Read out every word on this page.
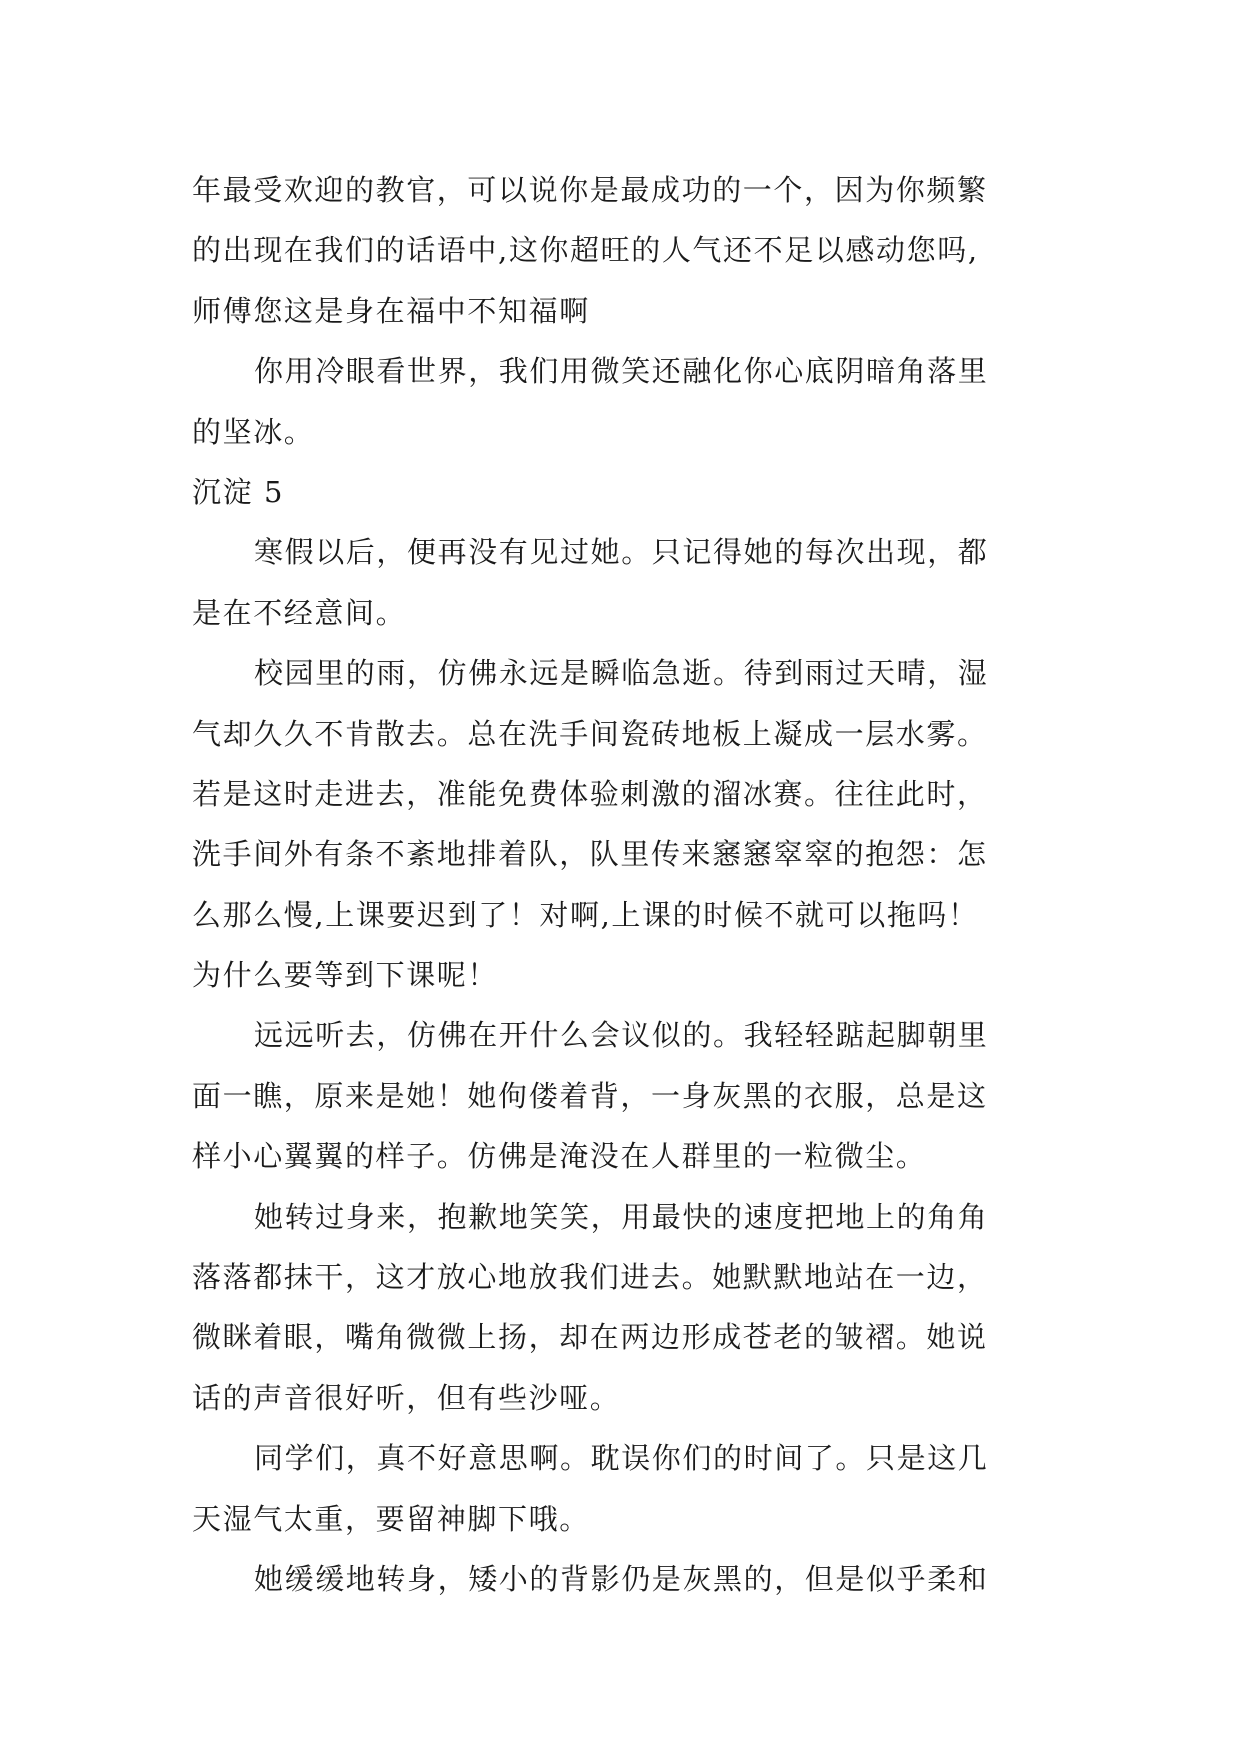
年最受欢迎的教官，可以说你是最成功的一个，因为你频繁
的出现在我们的话语中,这你超旺的人气还不足以感动您吗,
师傅您这是身在福中不知福啊
你用冷眼看世界，我们用微笑还融化你心底阴暗角落里
的坚冰。
沉淀 5
寒假以后，便再没有见过她。只记得她的每次出现，都
是在不经意间。
校园里的雨，仿佛永远是瞬临急逝。待到雨过天晴，湿
气却久久不肯散去。总在洗手间瓷砖地板上凝成一层水雾。
若是这时走进去，准能免费体验刺激的溜冰赛。往往此时，
洗手间外有条不紊地排着队，队里传来窸窸窣窣的抱怨：怎
么那么慢,上课要迟到了！对啊,上课的时候不就可以拖吗！
为什么要等到下课呢！
远远听去，仿佛在开什么会议似的。我轻轻踮起脚朝里
面一瞧，原来是她！她佝偻着背，一身灰黑的衣服，总是这
样小心翼翼的样子。仿佛是淹没在人群里的一粒微尘。
她转过身来，抱歉地笑笑，用最快的速度把地上的角角
落落都抹干，这才放心地放我们进去。她默默地站在一边，
微眯着眼，嘴角微微上扬，却在两边形成苍老的皱褶。她说
话的声音很好听，但有些沙哑。
同学们，真不好意思啊。耽误你们的时间了。只是这几
天湿气太重，要留神脚下哦。
她缓缓地转身，矮小的背影仍是灰黑的，但是似乎柔和
